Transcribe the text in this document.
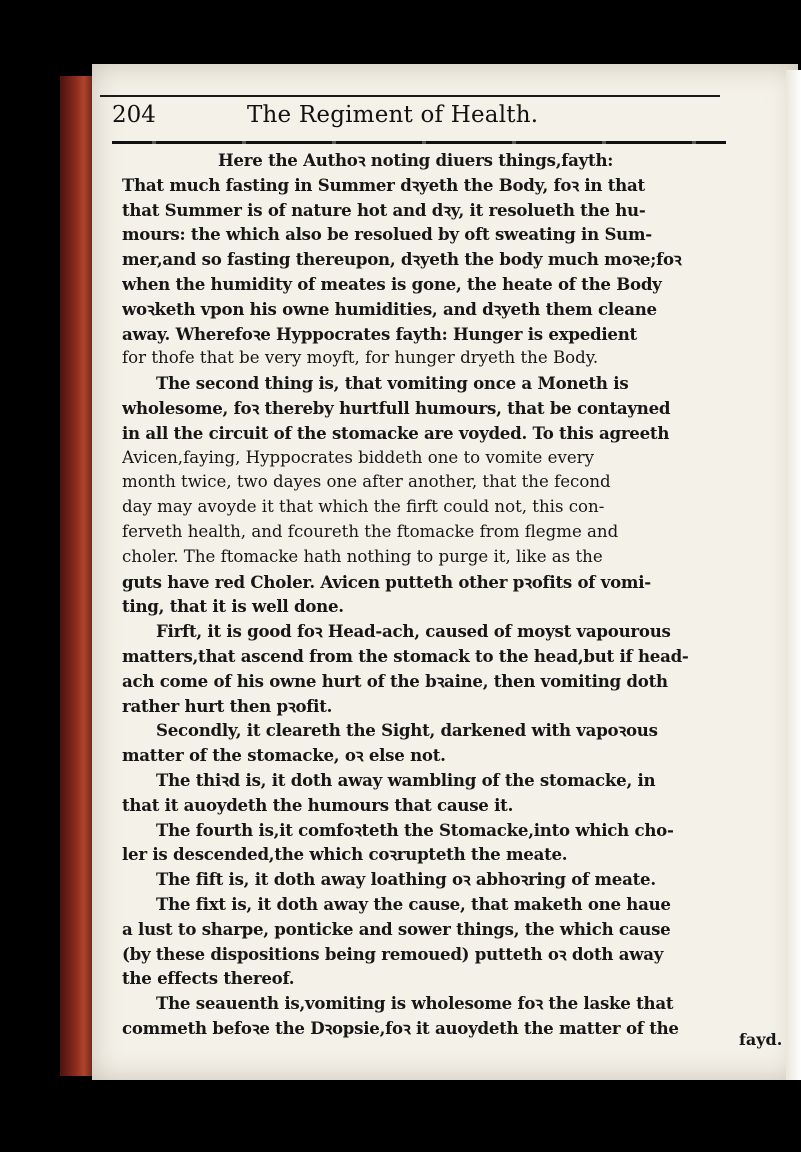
204	The Regiment of Health.
Here the Authoꝛ noting diuers things,fayth:
That much fasting in Summer dꝛyeth the Body, foꝛ in that
that Summer is of nature hot and dꝛy, it resolueth the hu-
mours: the which also be resolued by oft sweating in Sum-
mer,and so fasting thereupon, dꝛyeth the body much moꝛe;foꝛ
when the humidity of meates is gone, the heate of the Body
woꝛketh vpon his owne humidities, and dꝛyeth them cleane
away. Wherefoꝛe Hyppocrates fayth: Hunger is expedient
for thofe that be very moyft, for hunger dryeth the Body.
The second thing is, that vomiting once a Moneth is
wholesome, foꝛ thereby hurtfull humours, that be contayned
in all the circuit of the stomacke are voyded. To this agreeth
Avicen,faying, Hyppocrates biddeth one to vomite every
month twice, two dayes one after another, that the fecond
day may avoyde it that which the firft could not, this con-
ferveth health, and fcoureth the ftomacke from flegme and
choler. The ftomacke hath nothing to purge it, like as the
guts have red Choler. Avicen putteth other pꝛofits of vomi-
ting, that it is well done.
Firft, it is good foꝛ Head-ach, caused of moyst vapourous
matters,that ascend from the stomack to the head,but if head-
ach come of his owne hurt of the bꝛaine, then vomiting doth
rather hurt then pꝛofit.
Secondly, it cleareth the Sight, darkened with vapoꝛous
matter of the stomacke, oꝛ else not.
The thiꝛd is, it doth away wambling of the stomacke, in
that it auoydeth the humours that cause it.
The fourth is,it comfoꝛteth the Stomacke,into which cho-
ler is descended,the which coꝛrupteth the meate.
The fift is, it doth away loathing oꝛ abhoꝛring of meate.
The fixt is, it doth away the cause, that maketh one haue
a lust to sharpe, ponticke and sower things, the which cause
(by these dispositions being remoued) putteth oꝛ doth away
the effects thereof.
The seauenth is,vomiting is wholesome foꝛ the laske that
commeth befoꝛe the Dꝛopsie,foꝛ it auoydeth the matter of the
fayd.
